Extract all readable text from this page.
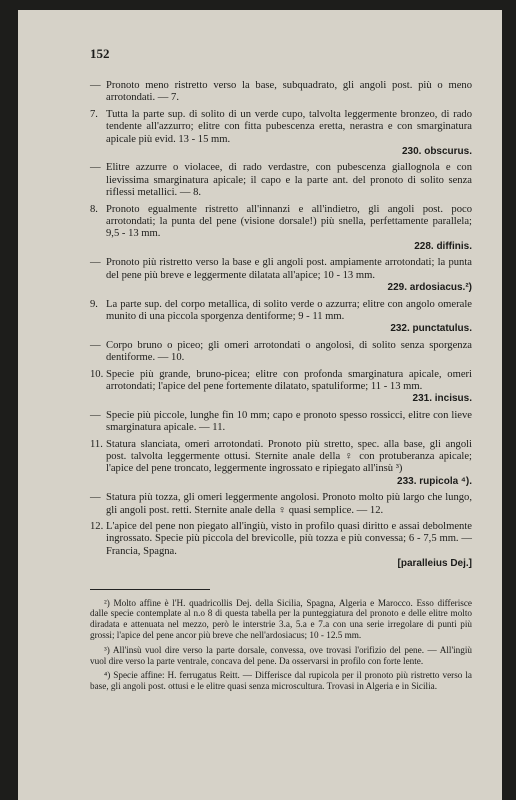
152
— Pronoto meno ristretto verso la base, subquadrato, gli angoli post. più o meno arrotondati. — 7.
7. Tutta la parte sup. di solito di un verde cupo, talvolta leggermente bronzeo, di rado tendente all'azzurro; elitre con fitta pubescenza eretta, nerastra e con smarginatura apicale più evid. 13 - 15 mm.
230. obscurus.
— Elitre azzurre o violacee, di rado verdastre, con pubescenza giallognola e con lievissima smarginatura apicale; il capo e la parte ant. del pronoto di solito senza riflessi metallici. — 8.
8. Pronoto egualmente ristretto all'innanzi e all'indietro, gli angoli post. poco arrotondati; la punta del pene (visione dorsale!) più snella, perfettamente parallela; 9,5 - 13 mm.
228. diffinis.
— Pronoto più ristretto verso la base e gli angoli post. ampiamente arrotondati; la punta del pene più breve e leggermente dilatata all'apice; 10 - 13 mm.
229. ardosiacus.²)
9. La parte sup. del corpo metallica, di solito verde o azzurra; elitre con angolo omerale munito di una piccola sporgenza dentiforme; 9 - 11 mm.
232. punctatulus.
— Corpo bruno o piceo; gli omeri arrotondati o angolosi, di solito senza sporgenza dentiforme. — 10.
10. Specie più grande, bruno-picea; elitre con profonda smarginatura apicale, omeri arrotondati; l'apice del pene fortemente dilatato, spatuliforme; 11 - 13 mm.
231. incisus.
— Specie più piccole, lunghe fin 10 mm; capo e pronoto spesso rossicci, elitre con lieve smarginatura apicale. — 11.
11. Statura slanciata, omeri arrotondati. Pronoto più stretto, spec. alla base, gli angoli post. talvolta leggermente ottusi. Sternite anale della ♀ con protuberanza apicale; l'apice del pene troncato, leggermente ingrossato e ripiegato all'insù ³)
233. rupicola ⁴).
— Statura più tozza, gli omeri leggermente angolosi. Pronoto molto più largo che lungo, gli angoli post. retti. Sternite anale della ♀ quasi semplice. — 12.
12. L'apice del pene non piegato all'ingiù, visto in profilo quasi diritto e assai debolmente ingrossato. Specie più piccola del brevicolle, più tozza e più convessa; 6 - 7,5 mm. — Francia, Spagna.
[paralleius Dej.]

²) Molto affine è l'H. quadricollis Dej. della Sicilia, Spagna, Algeria e Marocco. Esso differisce dalle specie contemplate al n.o 8 di questa tabella per la punteggiatura del pronoto e delle elitre molto diradata e attenuata nel mezzo, però le interstrie 3.a, 5.a e 7.a con una serie irregolare di punti più grossi; l'apice del pene ancor più breve che nell'ardosiacus; 10 - 12.5 mm.

³) All'insù vuol dire verso la parte dorsale, convessa, ove trovasi l'orifizio del pene. — All'ingiù vuol dire verso la parte ventrale, concava del pene. Da osservarsi in profilo con forte lente.

⁴) Specie affine: H. ferrugatus Reitt. — Differisce dal rupicola per il pronoto più ristretto verso la base, gli angoli post. ottusi e le elitre quasi senza microscultura. Trovasi in Algeria e in Sicilia.
